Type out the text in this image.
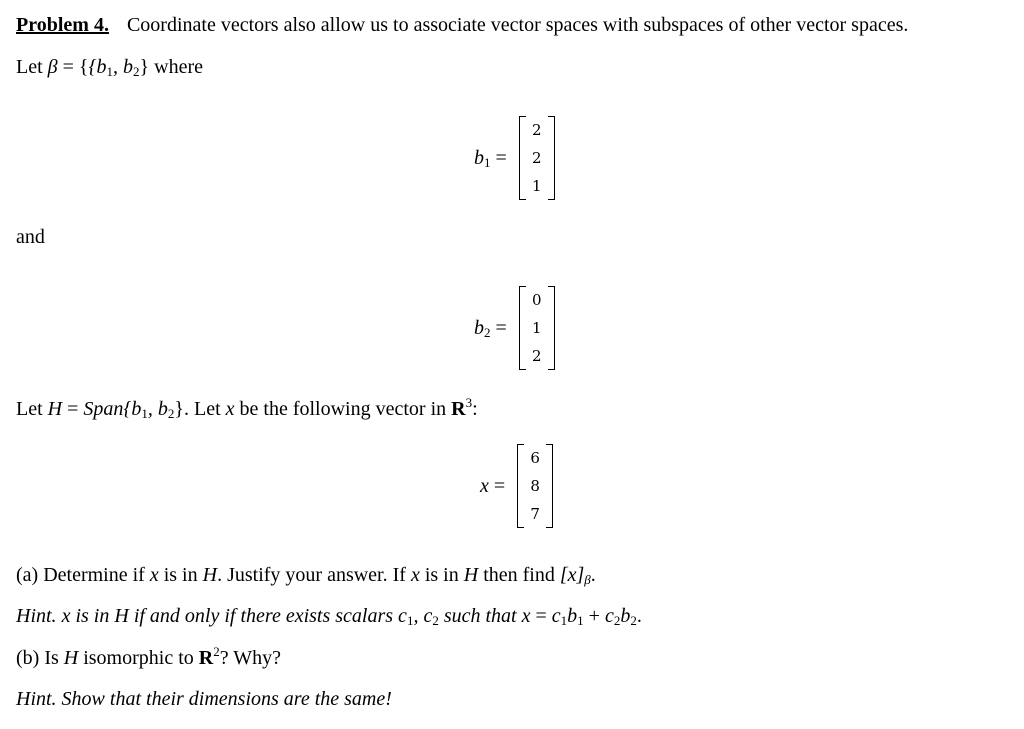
Problem 4. Coordinate vectors also allow us to associate vector spaces with subspaces of other vector spaces.
Let $\beta = \{\{b_1$, $b_2$} where
$b_1$ =
2
2
1
and
$b_2$ =
0
1
2
Let $H = Span\{b_1$, $b_2$}. Let x be the following vector in $R^3$:
x =
6
8
7
(a) Determine if x is in H. Justify your answer. If x is in H then find $[x]_\beta$.
Hint. x is in H if and only if there exists scalars $c_1$, $c_2$ such that $x = c_1b_1 + c_2b_2$.
(b) Is H isomorphic to $R^2$? Why?
Hint. Show that their dimensions are the same!
